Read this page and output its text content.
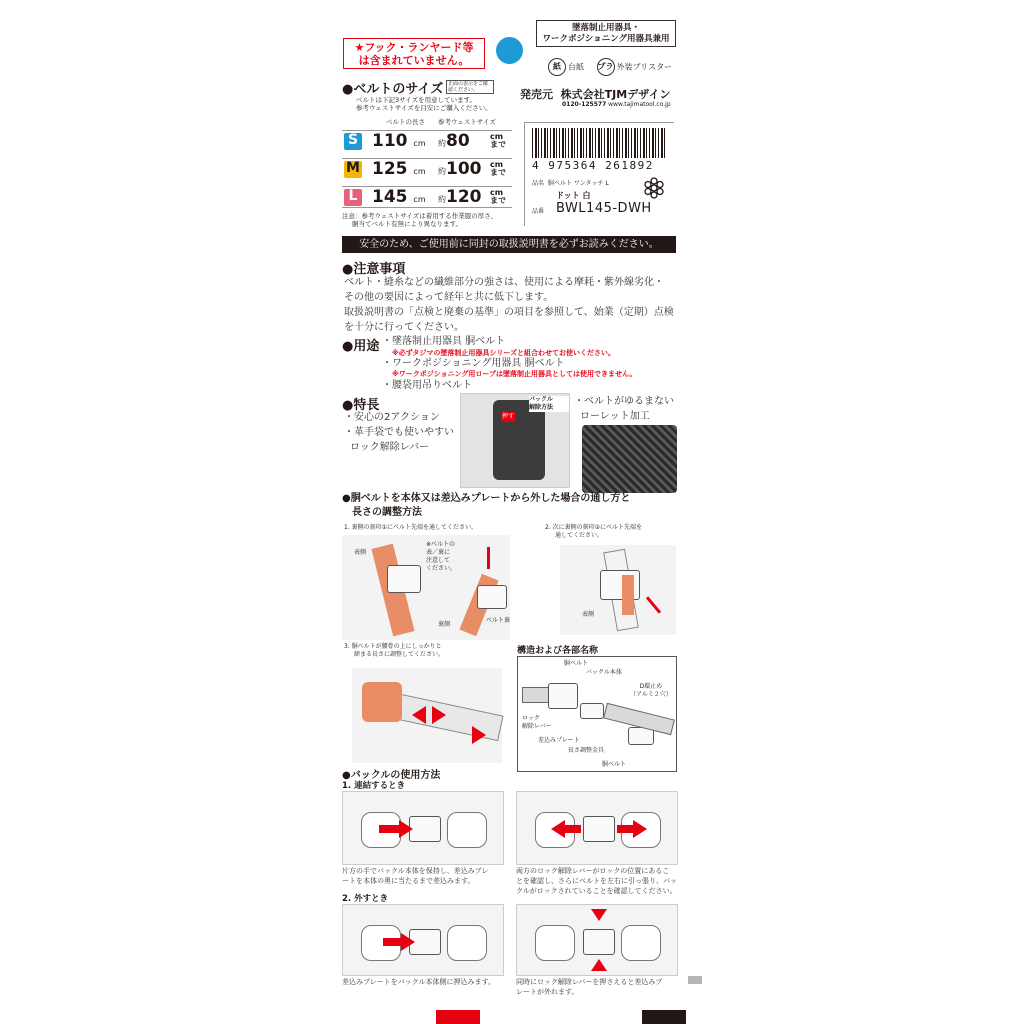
★フック・ランヤード等
は含まれていません。
墜落制止用器具・
ワークポジショニング用器具兼用
紙 台紙 プラ 外装ブリスター
発売元 株式会社TJMデザイン
0120-125577 www.tajimatool.co.jp
●ベルトのサイズ 正面の表示をご確認ください。
ベルトは下記3サイズを用意しています。
参考ウェストサイズを目安にご購入ください。
ベルトの長さ 参考ウェストサイズ
S 110 cm 約80	cm
まで
M 125 cm 約100 cm
まで
L 145 cm 約120 cm
まで
注意：参考ウェストサイズは着用する作業服の厚さ、
胴当てベルト有無により異なります。
4 975364 261892
品名 胴ベルト ワンタッチ L
ドット 白
品番 BWL145-DWH
安全のため、ご使用前に同封の取扱説明書を必ずお読みください。
●注意事項
ベルト・縫糸などの繊維部分の強さは、使用による摩耗・紫外線劣化・
その他の要因によって経年と共に低下します。
取扱説明書の「点検と廃棄の基準」の項目を参照して、始業（定期）点検
を十分に行ってください。
●用途 ・墜落制止用器具 胴ベルト
※必ずタジマの墜落制止用器具シリーズと組合わせてお使いください。
・ワークポジショニング用器具 胴ベルト
※ワークポジショニング用ロープは墜落制止用器具としては使用できません。
・腰袋用吊りベルト
●特長
・安心の2アクション
・革手袋でも使いやすい
ロック解除レバー
押す
バックル
解除方法
・ベルトがゆるまない
ローレット加工
●胴ベルトを本体又は差込みプレートから外した場合の通し方と
長さの調整方法
1. 裏側の刻印①にベルト先端を通してください。	2. 次に裏側の刻印②にベルト先端を
通してください。
表側
※ベルトの
表／裏に
注意して
ください。
裏側
ベルト裏
表側
3. 胴ベルトが腰骨の上にしっかりと
締まる長さに調整してください。	構造および各部名称
胴ベルト
バックル本体
D環止め
（アルミ２穴）
ロック
解除レバー
差込みプレート
長さ調整金具
胴ベルト
●バックルの使用方法
1. 連結するとき
片方の手でバックル本体を保持し、差込みプレ
ートを本体の奥に当たるまで差込みます。
両方のロック解除レバーがロックの位置にあるこ
とを確認し、さらにベルトを左右に引っ張り、バッ
クルがロックされていることを確認してください。
2. 外すとき
差込みプレートをバックル本体側に押込みます。	同時にロック解除レバーを押さえると差込みプ
レートが外れます。
